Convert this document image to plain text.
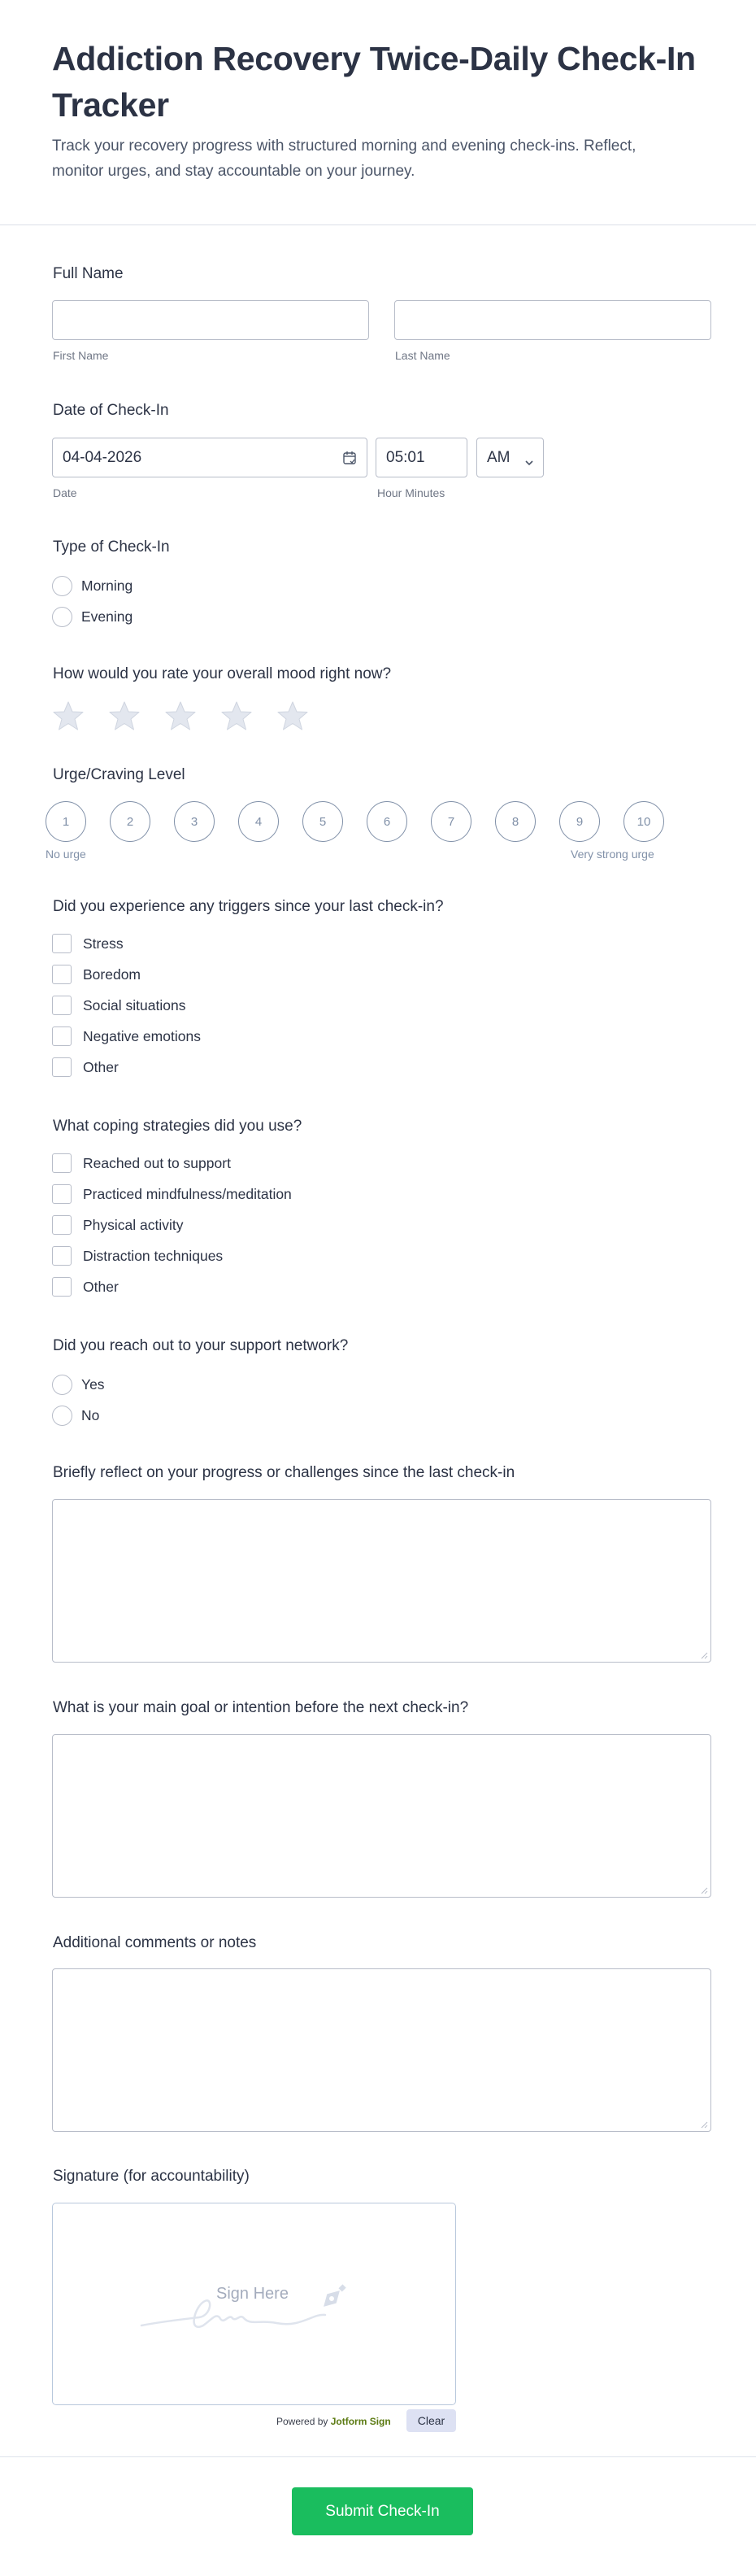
Addiction Recovery Twice-Daily Check-In Tracker

Track your recovery progress with structured morning and evening check-ins. Reflect, monitor urges, and stay accountable on your journey.

Full Name
First Name	Last Name
Date of Check-In
04-04-2026
Date
05:01
Hour Minutes
AM
Type of Check-In
Morning
Evening
How would you rate your overall mood right now?
Urge/Craving Level
1	2	3	4	5	6	7	8	9	10
No urge	Very strong urge
Did you experience any triggers since your last check-in?
Stress
Boredom
Social situations
Negative emotions
Other
What coping strategies did you use?
Reached out to support
Practiced mindfulness/meditation
Physical activity
Distraction techniques
Other
Did you reach out to your support network?
Yes
No
Briefly reflect on your progress or challenges since the last check-in
What is your main goal or intention before the next check-in?
Additional comments or notes
Signature (for accountability)
Sign Here
Powered by Jotform Sign	Clear
Submit Check-In
